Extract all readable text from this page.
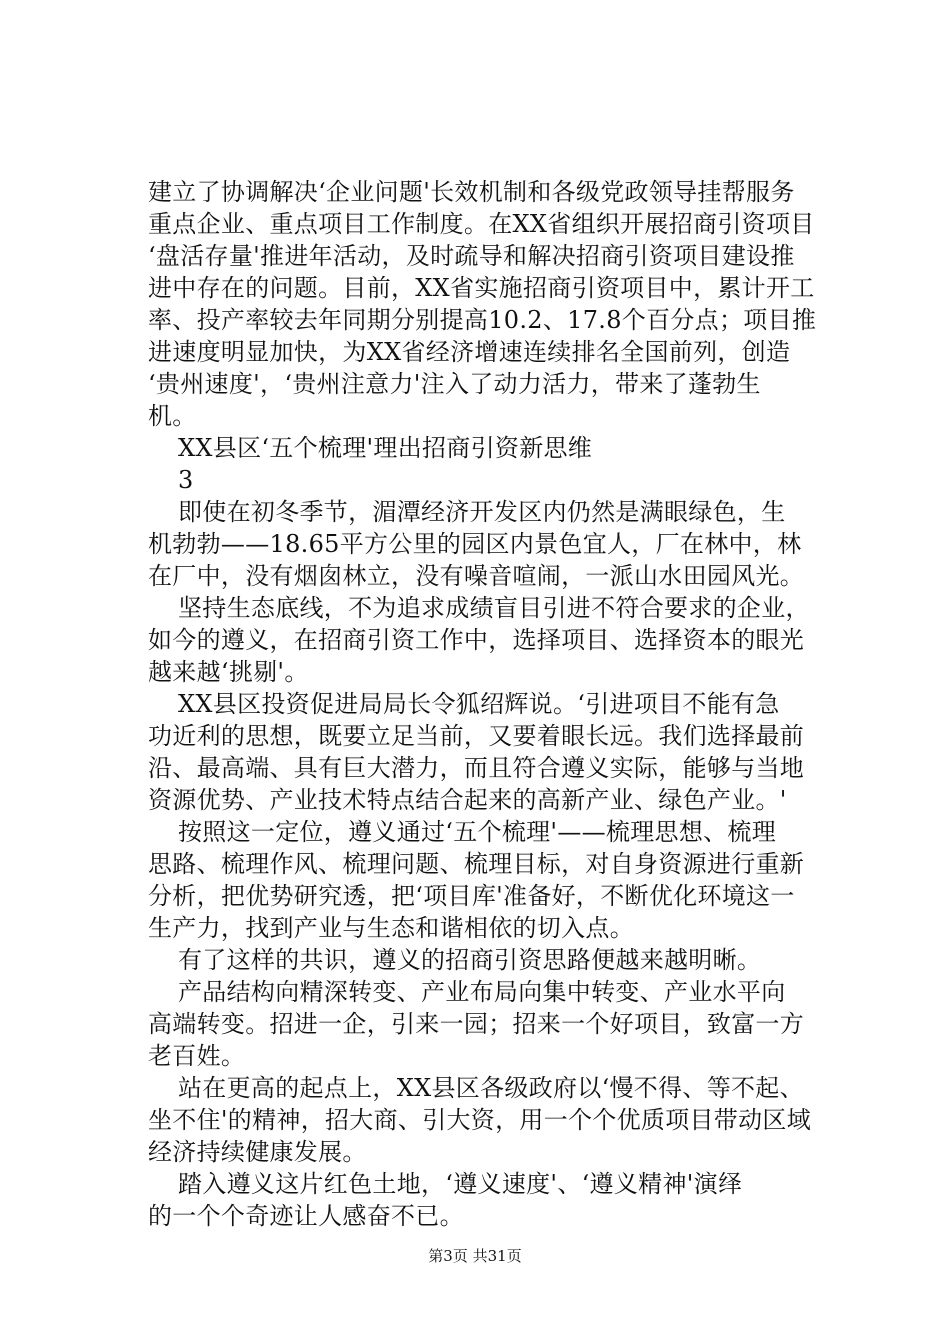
建立了协调解决‘企业问题'长效机制和各级党政领导挂帮服务
重点企业、重点项目工作制度。在XX省组织开展招商引资项目
‘盘活存量'推进年活动，及时疏导和解决招商引资项目建设推
进中存在的问题。目前，XX省实施招商引资项目中，累计开工
率、投产率较去年同期分别提高10.2、17.8个百分点；项目推
进速度明显加快，为XX省经济增速连续排名全国前列，创造
‘贵州速度'，‘贵州注意力'注入了动力活力，带来了蓬勃生
机。
XX县区‘五个梳理'理出招商引资新思维
3
即使在初冬季节，湄潭经济开发区内仍然是满眼绿色，生
机勃勃——18.65平方公里的园区内景色宜人，厂在林中，林
在厂中，没有烟囱林立，没有噪音喧闹，一派山水田园风光。
坚持生态底线，不为追求成绩盲目引进不符合要求的企业，
如今的遵义，在招商引资工作中，选择项目、选择资本的眼光
越来越‘挑剔'。
XX县区投资促进局局长令狐绍辉说。‘引进项目不能有急
功近利的思想，既要立足当前，又要着眼长远。我们选择最前
沿、最高端、具有巨大潜力，而且符合遵义实际，能够与当地
资源优势、产业技术特点结合起来的高新产业、绿色产业。'
按照这一定位，遵义通过‘五个梳理'——梳理思想、梳理
思路、梳理作风、梳理问题、梳理目标，对自身资源进行重新
分析，把优势研究透，把‘项目库'准备好，不断优化环境这一
生产力，找到产业与生态和谐相依的切入点。
有了这样的共识，遵义的招商引资思路便越来越明晰。
产品结构向精深转变、产业布局向集中转变、产业水平向
高端转变。招进一企，引来一园；招来一个好项目，致富一方
老百姓。
站在更高的起点上，XX县区各级政府以‘慢不得、等不起、
坐不住'的精神，招大商、引大资，用一个个优质项目带动区域
经济持续健康发展。
踏入遵义这片红色土地，‘遵义速度'、‘遵义精神'演绎
的一个个奇迹让人感奋不已。
第3页 共31页
